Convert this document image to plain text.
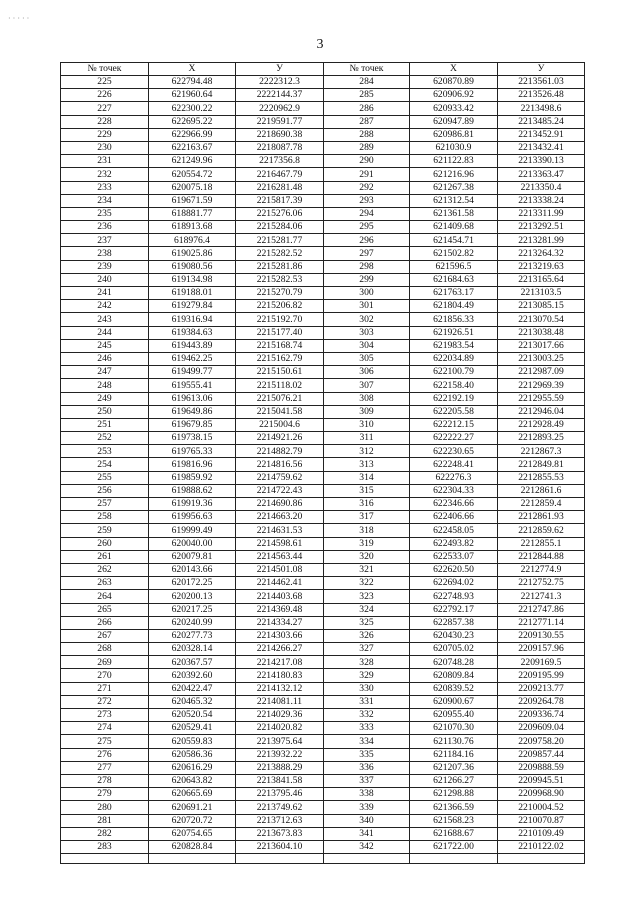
· · · · ·
3
№ точек	X	У	№ точек	X	У
225	622794.48	2222312.3	284	620870.89	2213561.03
226	621960.64	2222144.37	285	620906.92	2213526.48
227	622300.22	2220962.9	286	620933.42	2213498.6
228	622695.22	2219591.77	287	620947.89	2213485.24
229	622966.99	2218690.38	288	620986.81	2213452.91
230	622163.67	2218087.78	289	621030.9	2213432.41
231	621249.96	2217356.8	290	621122.83	2213390.13
232	620554.72	2216467.79	291	621216.96	2213363.47
233	620075.18	2216281.48	292	621267.38	2213350.4
234	619671.59	2215817.39	293	621312.54	2213338.24
235	618881.77	2215276.06	294	621361.58	2213311.99
236	618913.68	2215284.06	295	621409.68	2213292.51
237	618976.4	2215281.77	296	621454.71	2213281.99
238	619025.86	2215282.52	297	621502.82	2213264.32
239	619080.56	2215281.86	298	621596.5	2213219.63
240	619134.98	2215282.53	299	621684.63	2213165.64
241	619188.01	2215270.79	300	621763.17	2213103.5
242	619279.84	2215206.82	301	621804.49	2213085.15
243	619316.94	2215192.70	302	621856.33	2213070.54
244	619384.63	2215177.40	303	621926.51	2213038.48
245	619443.89	2215168.74	304	621983.54	2213017.66
246	619462.25	2215162.79	305	622034.89	2213003.25
247	619499.77	2215150.61	306	622100.79	2212987.09
248	619555.41	2215118.02	307	622158.40	2212969.39
249	619613.06	2215076.21	308	622192.19	2212955.59
250	619649.86	2215041.58	309	622205.58	2212946.04
251	619679.85	2215004.6	310	622212.15	2212928.49
252	619738.15	2214921.26	311	622222.27	2212893.25
253	619765.33	2214882.79	312	622230.65	2212867.3
254	619816.96	2214816.56	313	622248.41	2212849.81
255	619859.92	2214759.62	314	622276.3	2212855.53
256	619888.62	2214722.43	315	622304.33	2212861.6
257	619919.36	2214690.86	316	622346.66	2212859.4
258	619956.63	2214663.20	317	622406.66	2212861.93
259	619999.49	2214631.53	318	622458.05	2212859.62
260	620040.00	2214598.61	319	622493.82	2212855.1
261	620079.81	2214563.44	320	622533.07	2212844.88
262	620143.66	2214501.08	321	622620.50	2212774.9
263	620172.25	2214462.41	322	622694.02	2212752.75
264	620200.13	2214403.68	323	622748.93	2212741.3
265	620217.25	2214369.48	324	622792.17	2212747.86
266	620240.99	2214334.27	325	622857.38	2212771.14
267	620277.73	2214303.66	326	620430.23	2209130.55
268	620328.14	2214266.27	327	620705.02	2209157.96
269	620367.57	2214217.08	328	620748.28	2209169.5
270	620392.60	2214180.83	329	620809.84	2209195.99
271	620422.47	2214132.12	330	620839.52	2209213.77
272	620465.32	2214081.11	331	620900.67	2209264.78
273	620520.54	2214029.36	332	620955.40	2209336.74
274	620529.41	2214020.82	333	621070.30	2209609.04
275	620559.83	2213975.64	334	621130.76	2209758.20
276	620586.36	2213932.22	335	621184.16	2209857.44
277	620616.29	2213888.29	336	621207.36	2209888.59
278	620643.82	2213841.58	337	621266.27	2209945.51
279	620665.69	2213795.46	338	621298.88	2209968.90
280	620691.21	2213749.62	339	621366.59	2210004.52
281	620720.72	2213712.63	340	621568.23	2210070.87
282	620754.65	2213673.83	341	621688.67	2210109.49
283	620828.84	2213604.10	342	621722.00	2210122.02
